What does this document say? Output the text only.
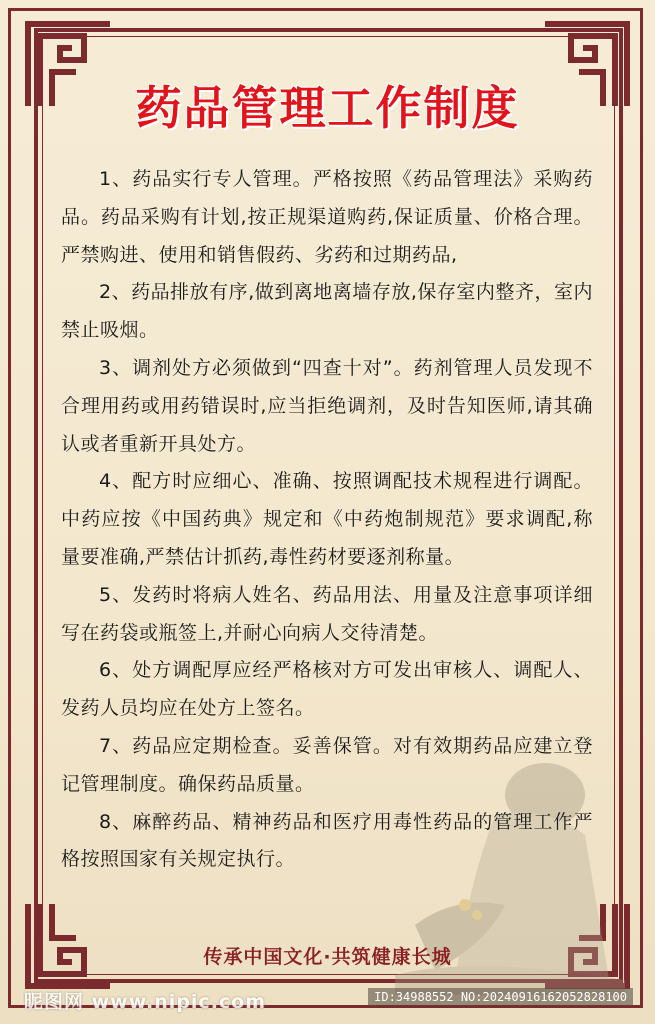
药品管理工作制度

1、药品实行专人管理。严格按照《药品管理法》采购药品。药品采购有计划,按正规渠道购药,保证质量、价格合理。严禁购进、使用和销售假药、劣药和过期药品,

2、药品排放有序,做到离地离墙存放,保存室内整齐，室内禁止吸烟。

3、调剂处方必须做到“四查十对”。药剂管理人员发现不合理用药或用药错误时,应当拒绝调剂，及时告知医师,请其确认或者重新开具处方。

4、配方时应细心、准确、按照调配技术规程进行调配。中药应按《中国药典》规定和《中药炮制规范》要求调配,称量要准确,严禁估计抓药,毒性药材要逐剂称量。

5、发药时将病人姓名、药品用法、用量及注意事项详细写在药袋或瓶签上,并耐心向病人交待清楚。

6、处方调配厚应经严格核对方可发出审核人、调配人、发药人员均应在处方上签名。

7、药品应定期检查。妥善保管。对有效期药品应建立登记管理制度。确保药品质量。

8、麻醉药品、精神药品和医疗用毒性药品的管理工作严格按照国家有关规定执行。

传承中国文化·共筑健康长城
昵图网 www.nipic.com	ID:34988552 NO:20240916162052828100
